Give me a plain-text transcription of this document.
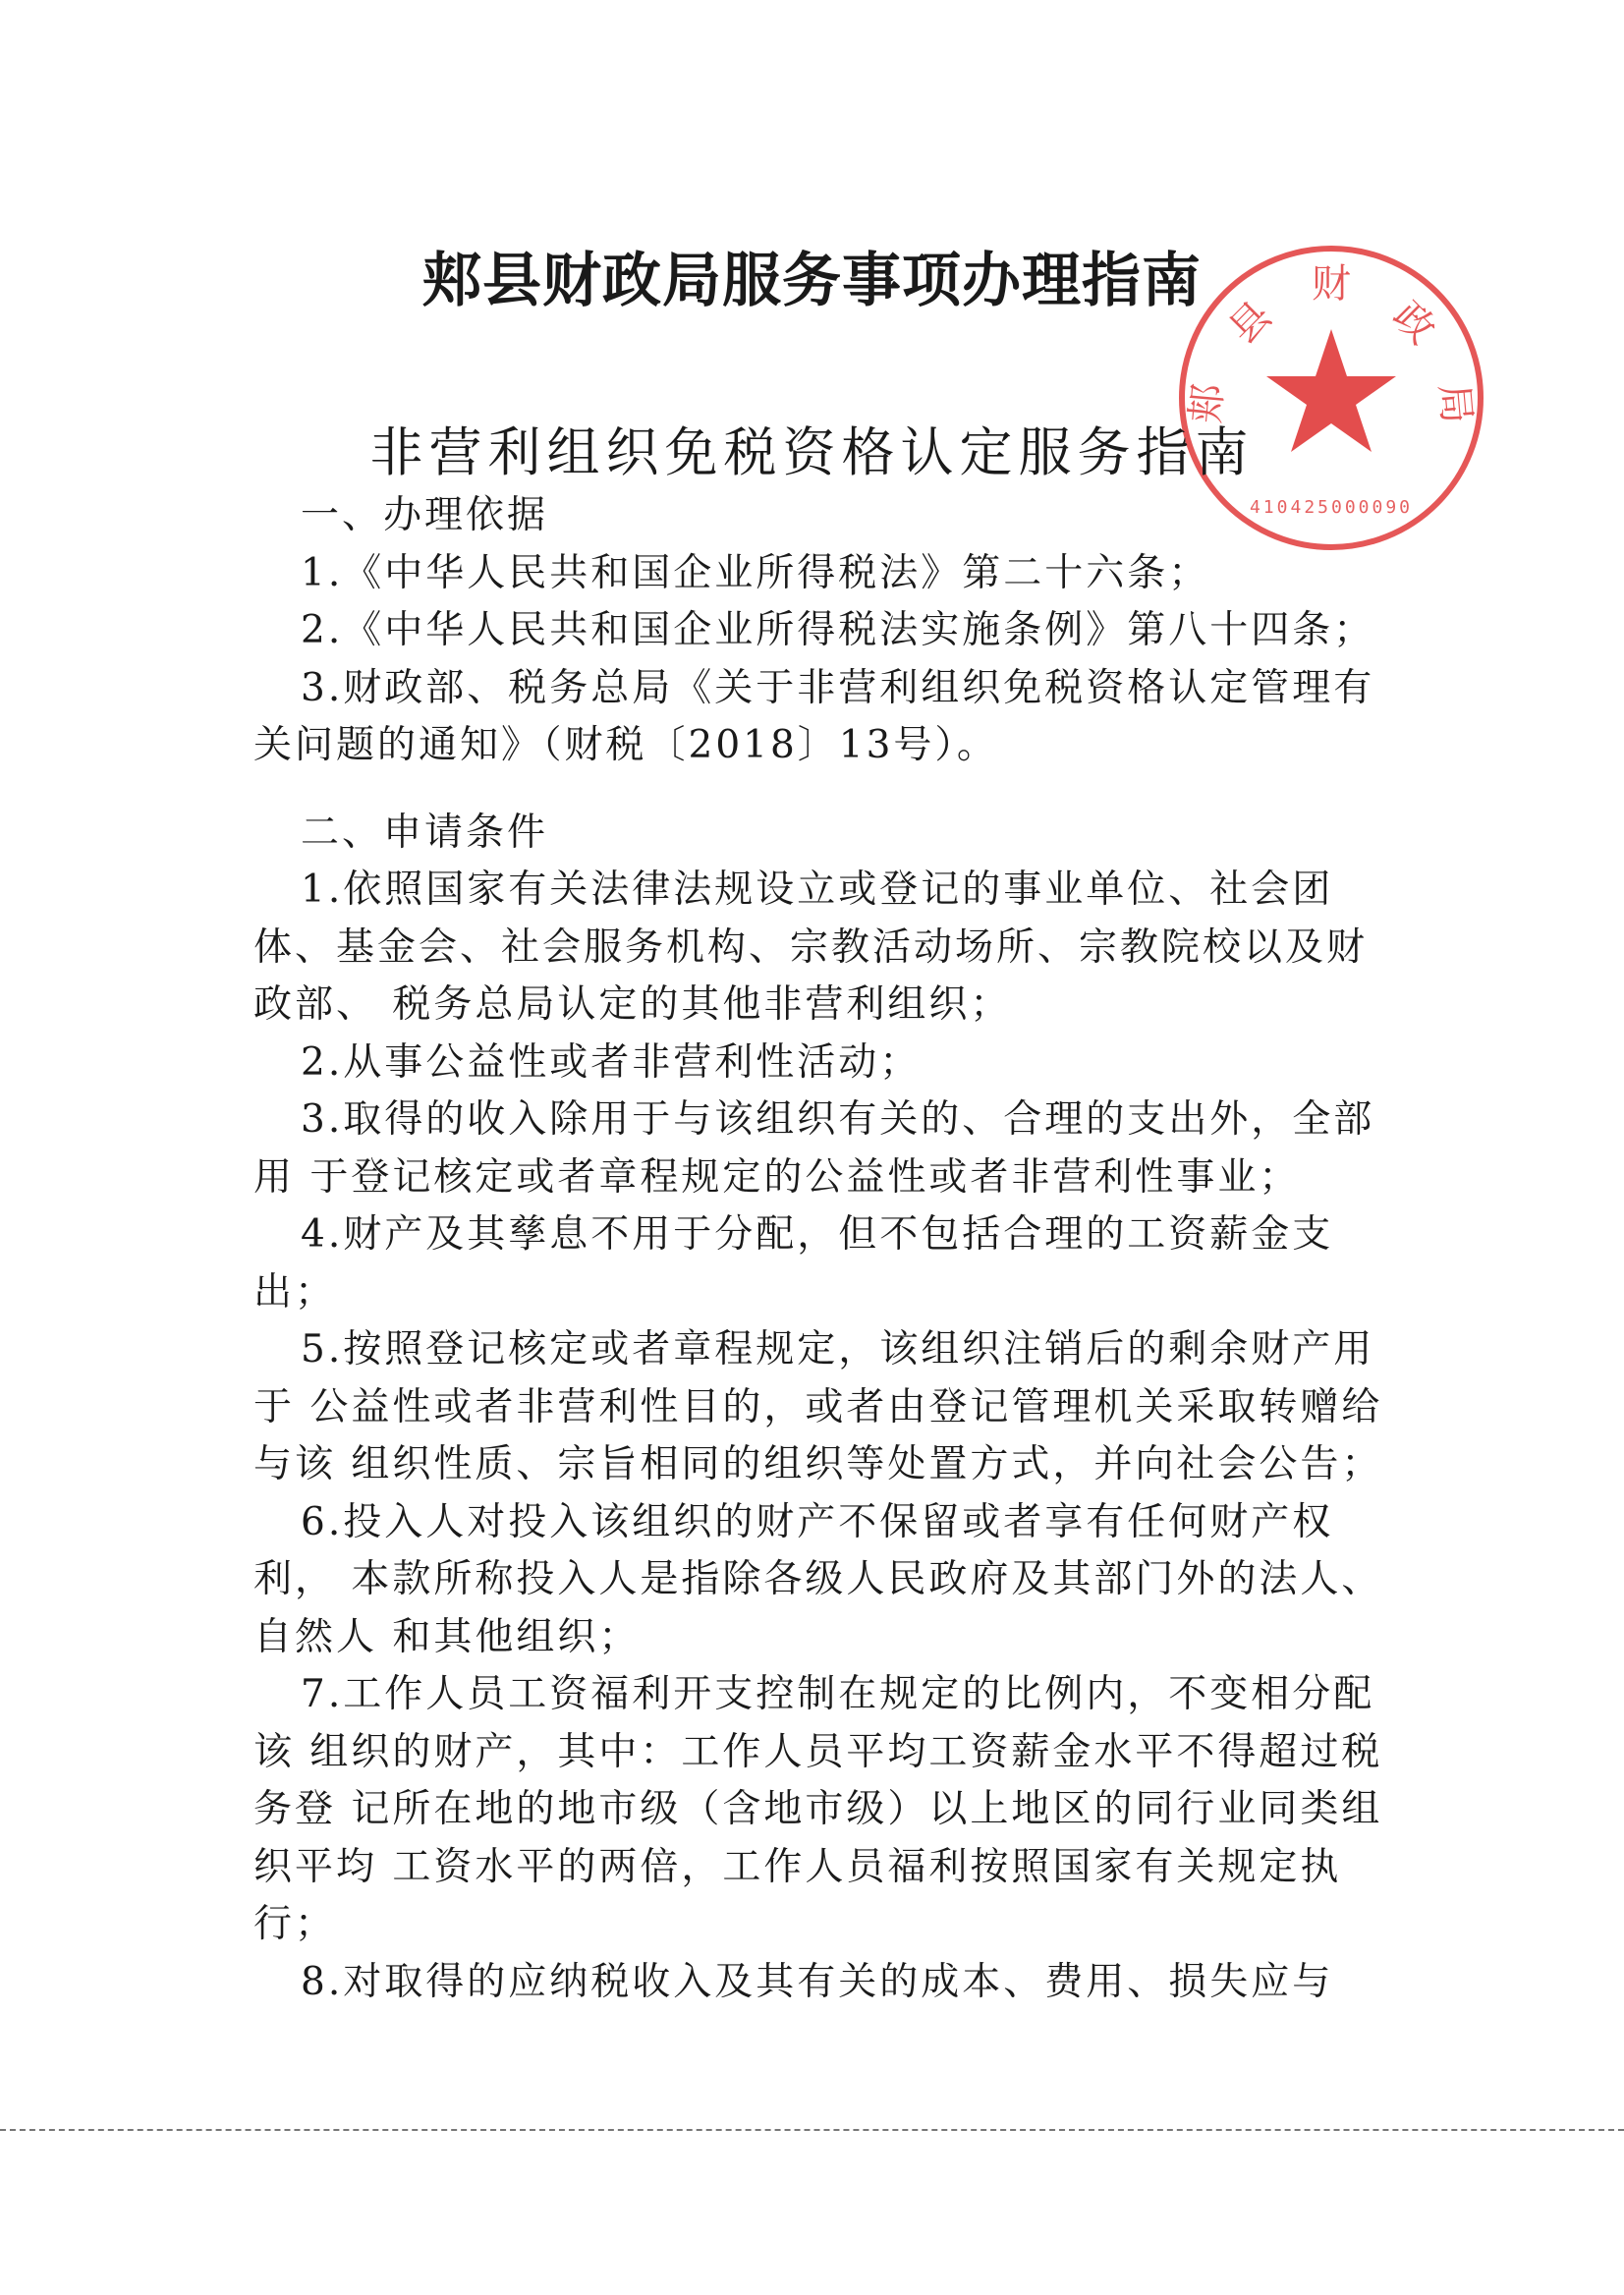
郏县财政局服务事项办理指南	财
政
局
县
郏
410425000090
非营利组织免税资格认定服务指南

一、办理依据

1.《中华人民共和国企业所得税法》第二十六条；

2.《中华人民共和国企业所得税法实施条例》第八十四条；

3.财政部、税务总局《关于非营利组织免税资格认定管理有 关问题的通知》（财税〔2018〕13号）。

二、申请条件

1.依照国家有关法律法规设立或登记的事业单位、社会团体、基金会、社会服务机构、宗教活动场所、宗教院校以及财政部、 税务总局认定的其他非营利组织；

2.从事公益性或者非营利性活动；

3.取得的收入除用于与该组织有关的、合理的支出外，全部用 于登记核定或者章程规定的公益性或者非营利性事业；

4.财产及其孳息不用于分配，但不包括合理的工资薪金支出；

5.按照登记核定或者章程规定，该组织注销后的剩余财产用于 公益性或者非营利性目的，或者由登记管理机关采取转赠给与该 组织性质、宗旨相同的组织等处置方式，并向社会公告；

6.投入人对投入该组织的财产不保留或者享有任何财产权利， 本款所称投入人是指除各级人民政府及其部门外的法人、自然人 和其他组织；

7.工作人员工资福利开支控制在规定的比例内，不变相分配该 组织的财产，其中：工作人员平均工资薪金水平不得超过税务登 记所在地的地市级（含地市级）以上地区的同行业同类组织平均 工资水平的两倍，工作人员福利按照国家有关规定执行；

8.对取得的应纳税收入及其有关的成本、费用、损失应与
